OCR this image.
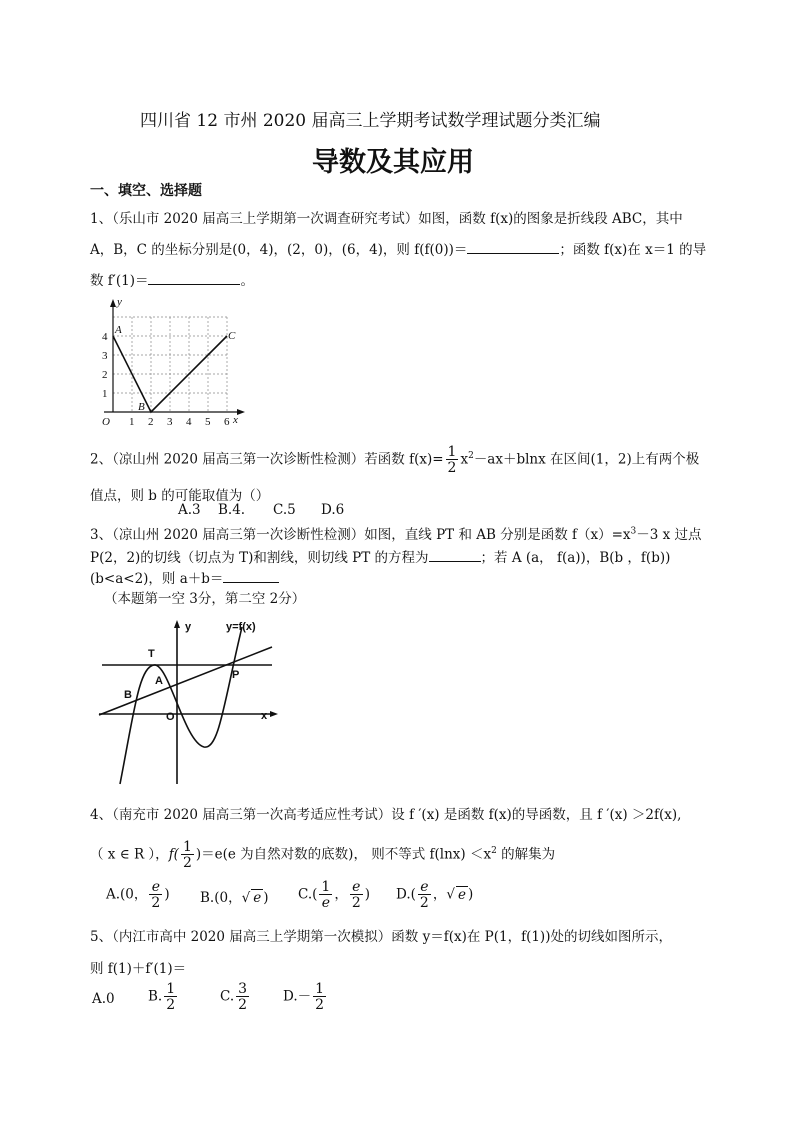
四川省 12 市州 2020 届高三上学期考试数学理试题分类汇编
导数及其应用
一、填空、选择题
1、（乐山市 2020 届高三上学期第一次调查研究考试）如图，函数 f(x)的图象是折线段 ABC，其中
A，B，C 的坐标分别是(0，4)，(2，0)，(6，4)，则 f(f(0))＝	；函数 f(x)在 x＝1 的导
数 f′(1)＝	。
y
x
O
1
2
3
4
1 2 3 4 5 6
A
B
C
2、（凉山州 2020 届高三第一次诊断性检测）若函数 $f(x)= \frac{1}{2} x^2-ax+blnx$ 在区间(1，2)上有两个极
值点，则 b 的可能取值为（）
A.3 B.4. C.5 D.6
3、（凉山州 2020 届高三第一次诊断性检测）如图，直线 PT 和 AB 分别是函数 $f(x)=x^3-3$ x 过点
P(2，2)的切线（切点为 T)和割线，则切线 PT 的方程为	；若 A (a， f(a))，B(b ，f(b))
(b<a<2)，则 a＋b＝
（本题第一空 3分，第二空 2分）
y	y=f(x)
x
O
T
A
B
P
4、（南充市 2020 届高三第一次高考适应性考试）设 f ′(x) 是函数 f(x)的导函数，且 f ′(x) ＞2f(x),
（ x ∈ R ），$f( \frac{1}{2} )=e(e$ 为自然对数的底数)， 则不等式 $f(\ln x) <x^2$ 的解集为
A.(0， $\frac{e}{2}$ ) B.(0，√ e ) $C.( \frac{1}{e}$ ， $\frac{e}{2}$ ) $D.( \frac{e}{2}$ ，√ e )
5、（内江市高中 2020 届高三上学期第一次模拟）函数 y＝f(x)在 P(1，f(1))处的切线如图所示，
则 f(1)＋f′(1)＝
A.0 B. $\frac{1}{2}$	C. $\frac{3}{2}$	$D.- \frac{1}{2}$
